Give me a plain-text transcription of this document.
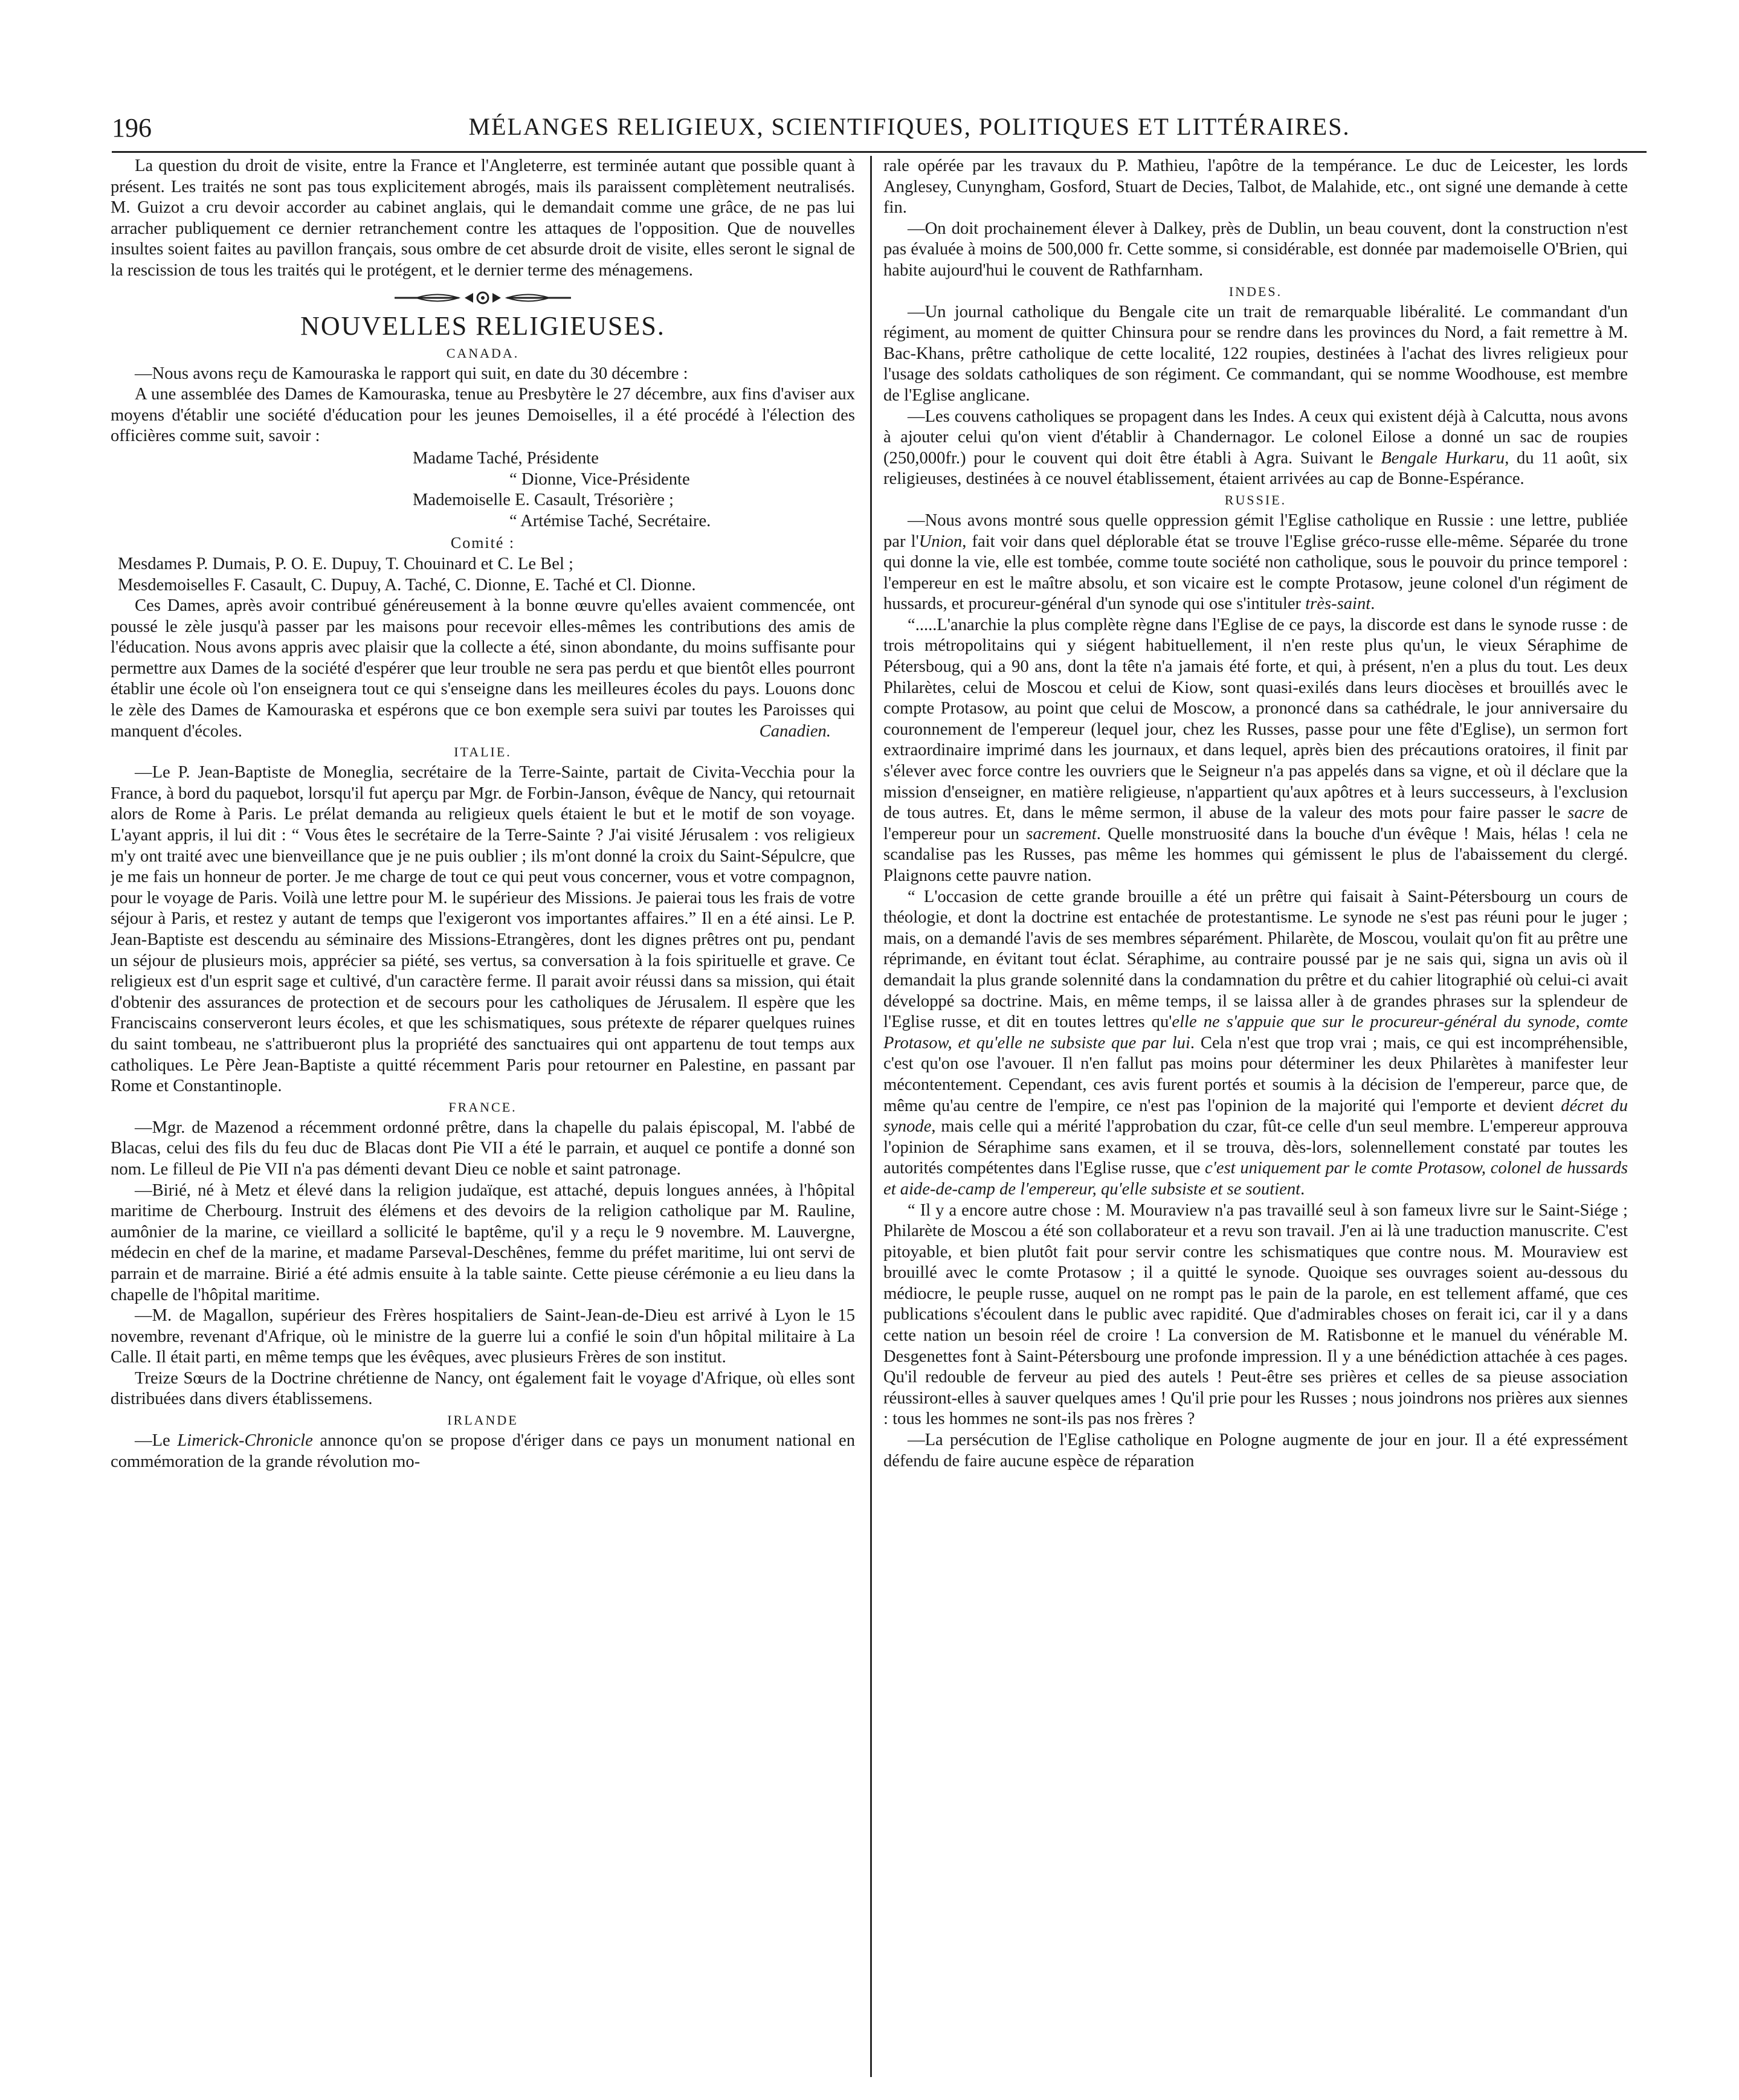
196	MÉLANGES RELIGIEUX, SCIENTIFIQUES, POLITIQUES ET LITTÉRAIRES.

La question du droit de visite, entre la France et l'Angleterre, est terminée autant que possible quant à présent. Les traités ne sont pas tous explicitement abrogés, mais ils paraissent complètement neutralisés. M. Guizot a cru devoir accorder au cabinet anglais, qui le demandait comme une grâce, de ne pas lui arracher publiquement ce dernier retranchement contre les attaques de l'opposition. Que de nouvelles insultes soient faites au pavillon français, sous ombre de cet absurde droit de visite, elles seront le signal de la rescission de tous les traités qui le protégent, et le dernier terme des ménagemens.

NOUVELLES RELIGIEUSES.
CANADA.

—Nous avons reçu de Kamouraska le rapport qui suit, en date du 30 décembre :

A une assemblée des Dames de Kamouraska, tenue au Presbytère le 27 décembre, aux fins d'aviser aux moyens d'établir une société d'éducation pour les jeunes Demoiselles, il a été procédé à l'élection des officières comme suit, savoir :

Madame Taché, Présidente
“ Dionne, Vice-Présidente
Mademoiselle E. Casault, Trésorière ;
“ Artémise Taché, Secrétaire.
Comité :

Mesdames P. Dumais, P. O. E. Dupuy, T. Chouinard et C. Le Bel ;

Mesdemoiselles F. Casault, C. Dupuy, A. Taché, C. Dionne, E. Taché et Cl. Dionne.

Ces Dames, après avoir contribué généreusement à la bonne œuvre qu'elles avaient commencée, ont poussé le zèle jusqu'à passer par les maisons pour recevoir elles-mêmes les contributions des amis de l'éducation. Nous avons appris avec plaisir que la collecte a été, sinon abondante, du moins suffisante pour permettre aux Dames de la société d'espérer que leur trouble ne sera pas perdu et que bientôt elles pourront établir une école où l'on enseignera tout ce qui s'enseigne dans les meilleures écoles du pays. Louons donc le zèle des Dames de Kamouraska et espérons que ce bon exemple sera suivi par toutes les Paroisses qui manquent d'écoles.	Canadien.
ITALIE.

—Le P. Jean-Baptiste de Moneglia, secrétaire de la Terre-Sainte, partait de Civita-Vecchia pour la France, à bord du paquebot, lorsqu'il fut aperçu par Mgr. de Forbin-Janson, évêque de Nancy, qui retournait alors de Rome à Paris. Le prélat demanda au religieux quels étaient le but et le motif de son voyage. L'ayant appris, il lui dit : “ Vous êtes le secrétaire de la Terre-Sainte ? J'ai visité Jérusalem : vos religieux m'y ont traité avec une bienveillance que je ne puis oublier ; ils m'ont donné la croix du Saint-Sépulcre, que je me fais un honneur de porter. Je me charge de tout ce qui peut vous concerner, vous et votre compagnon, pour le voyage de Paris. Voilà une lettre pour M. le supérieur des Missions. Je paierai tous les frais de votre séjour à Paris, et restez y autant de temps que l'exigeront vos importantes affaires.” Il en a été ainsi. Le P. Jean-Baptiste est descendu au séminaire des Missions-Etrangères, dont les dignes prêtres ont pu, pendant un séjour de plusieurs mois, apprécier sa piété, ses vertus, sa conversation à la fois spirituelle et grave. Ce religieux est d'un esprit sage et cultivé, d'un caractère ferme. Il parait avoir réussi dans sa mission, qui était d'obtenir des assurances de protection et de secours pour les catholiques de Jérusalem. Il espère que les Franciscains conserveront leurs écoles, et que les schismatiques, sous prétexte de réparer quelques ruines du saint tombeau, ne s'attribueront plus la propriété des sanctuaires qui ont appartenu de tout temps aux catholiques. Le Père Jean-Baptiste a quitté récemment Paris pour retourner en Palestine, en passant par Rome et Constantinople.

FRANCE.

—Mgr. de Mazenod a récemment ordonné prêtre, dans la chapelle du palais épiscopal, M. l'abbé de Blacas, celui des fils du feu duc de Blacas dont Pie VII a été le parrain, et auquel ce pontife a donné son nom. Le filleul de Pie VII n'a pas démenti devant Dieu ce noble et saint patronage.

—Birié, né à Metz et élevé dans la religion judaïque, est attaché, depuis longues années, à l'hôpital maritime de Cherbourg. Instruit des élémens et des devoirs de la religion catholique par M. Rauline, aumônier de la marine, ce vieillard a sollicité le baptême, qu'il y a reçu le 9 novembre. M. Lauvergne, médecin en chef de la marine, et madame Parseval-Deschênes, femme du préfet maritime, lui ont servi de parrain et de marraine. Birié a été admis ensuite à la table sainte. Cette pieuse cérémonie a eu lieu dans la chapelle de l'hôpital maritime.

—M. de Magallon, supérieur des Frères hospitaliers de Saint-Jean-de-Dieu est arrivé à Lyon le 15 novembre, revenant d'Afrique, où le ministre de la guerre lui a confié le soin d'un hôpital militaire à La Calle. Il était parti, en même temps que les évêques, avec plusieurs Frères de son institut.

Treize Sœurs de la Doctrine chrétienne de Nancy, ont également fait le voyage d'Afrique, où elles sont distribuées dans divers établissemens.

IRLANDE

—Le Limerick-Chronicle annonce qu'on se propose d'ériger dans ce pays un monument national en commémoration de la grande révolution mo-

rale opérée par les travaux du P. Mathieu, l'apôtre de la tempérance. Le duc de Leicester, les lords Anglesey, Cunyngham, Gosford, Stuart de Decies, Talbot, de Malahide, etc., ont signé une demande à cette fin.

—On doit prochainement élever à Dalkey, près de Dublin, un beau couvent, dont la construction n'est pas évaluée à moins de 500,000 fr. Cette somme, si considérable, est donnée par mademoiselle O'Brien, qui habite aujourd'hui le couvent de Rathfarnham.

INDES.

—Un journal catholique du Bengale cite un trait de remarquable libéralité. Le commandant d'un régiment, au moment de quitter Chinsura pour se rendre dans les provinces du Nord, a fait remettre à M. Bac-Khans, prêtre catholique de cette localité, 122 roupies, destinées à l'achat des livres religieux pour l'usage des soldats catholiques de son régiment. Ce commandant, qui se nomme Woodhouse, est membre de l'Eglise anglicane.

—Les couvens catholiques se propagent dans les Indes. A ceux qui existent déjà à Calcutta, nous avons à ajouter celui qu'on vient d'établir à Chandernagor. Le colonel Eilose a donné un sac de roupies (250,000fr.) pour le couvent qui doit être établi à Agra. Suivant le Bengale Hurkaru, du 11 août, six religieuses, destinées à ce nouvel établissement, étaient arrivées au cap de Bonne-Espérance.

RUSSIE.

—Nous avons montré sous quelle oppression gémit l'Eglise catholique en Russie : une lettre, publiée par l'Union, fait voir dans quel déplorable état se trouve l'Eglise gréco-russe elle-même. Séparée du trone qui donne la vie, elle est tombée, comme toute société non catholique, sous le pouvoir du prince temporel : l'empereur en est le maître absolu, et son vicaire est le compte Protasow, jeune colonel d'un régiment de hussards, et procureur-général d'un synode qui ose s'intituler très-saint.

“.....L'anarchie la plus complète règne dans l'Eglise de ce pays, la discorde est dans le synode russe : de trois métropolitains qui y siégent habituellement, il n'en reste plus qu'un, le vieux Séraphime de Pétersboug, qui a 90 ans, dont la tête n'a jamais été forte, et qui, à présent, n'en a plus du tout. Les deux Philarètes, celui de Moscou et celui de Kiow, sont quasi-exilés dans leurs diocèses et brouillés avec le compte Protasow, au point que celui de Moscow, a prononcé dans sa cathédrale, le jour anniversaire du couronnement de l'empereur (lequel jour, chez les Russes, passe pour une fête d'Eglise), un sermon fort extraordinaire imprimé dans les journaux, et dans lequel, après bien des précautions oratoires, il finit par s'élever avec force contre les ouvriers que le Seigneur n'a pas appelés dans sa vigne, et où il déclare que la mission d'enseigner, en matière religieuse, n'appartient qu'aux apôtres et à leurs successeurs, à l'exclusion de tous autres. Et, dans le même sermon, il abuse de la valeur des mots pour faire passer le sacre de l'empereur pour un sacrement. Quelle monstruosité dans la bouche d'un évêque ! Mais, hélas ! cela ne scandalise pas les Russes, pas même les hommes qui gémissent le plus de l'abaissement du clergé. Plaignons cette pauvre nation.

“ L'occasion de cette grande brouille a été un prêtre qui faisait à Saint-Pétersbourg un cours de théologie, et dont la doctrine est entachée de protestantisme. Le synode ne s'est pas réuni pour le juger ; mais, on a demandé l'avis de ses membres séparément. Philarète, de Moscou, voulait qu'on fit au prêtre une réprimande, en évitant tout éclat. Séraphime, au contraire poussé par je ne sais qui, signa un avis où il demandait la plus grande solennité dans la condamnation du prêtre et du cahier litographié où celui-ci avait développé sa doctrine. Mais, en même temps, il se laissa aller à de grandes phrases sur la splendeur de l'Eglise russe, et dit en toutes lettres qu'elle ne s'appuie que sur le procureur-général du synode, comte Protasow, et qu'elle ne subsiste que par lui. Cela n'est que trop vrai ; mais, ce qui est incompréhensible, c'est qu'on ose l'avouer. Il n'en fallut pas moins pour déterminer les deux Philarètes à manifester leur mécontentement. Cependant, ces avis furent portés et soumis à la décision de l'empereur, parce que, de même qu'au centre de l'empire, ce n'est pas l'opinion de la majorité qui l'emporte et devient décret du synode, mais celle qui a mérité l'approbation du czar, fût-ce celle d'un seul membre. L'empereur approuva l'opinion de Séraphime sans examen, et il se trouva, dès-lors, solennellement constaté par toutes les autorités compétentes dans l'Eglise russe, que c'est uniquement par le comte Protasow, colonel de hussards et aide-de-camp de l'empereur, qu'elle subsiste et se soutient.

“ Il y a encore autre chose : M. Mouraview n'a pas travaillé seul à son fameux livre sur le Saint-Siége ; Philarète de Moscou a été son collaborateur et a revu son travail. J'en ai là une traduction manuscrite. C'est pitoyable, et bien plutôt fait pour servir contre les schismatiques que contre nous. M. Mouraview est brouillé avec le comte Protasow ; il a quitté le synode. Quoique ses ouvrages soient au-dessous du médiocre, le peuple russe, auquel on ne rompt pas le pain de la parole, en est tellement affamé, que ces publications s'écoulent dans le public avec rapidité. Que d'admirables choses on ferait ici, car il y a dans cette nation un besoin réel de croire ! La conversion de M. Ratisbonne et le manuel du vénérable M. Desgenettes font à Saint-Pétersbourg une profonde impression. Il y a une bénédiction attachée à ces pages. Qu'il redouble de ferveur au pied des autels ! Peut-être ses prières et celles de sa pieuse association réussiront-elles à sauver quelques ames ! Qu'il prie pour les Russes ; nous joindrons nos prières aux siennes : tous les hommes ne sont-ils pas nos frères ?

—La persécution de l'Eglise catholique en Pologne augmente de jour en jour. Il a été expressément défendu de faire aucune espèce de réparation
